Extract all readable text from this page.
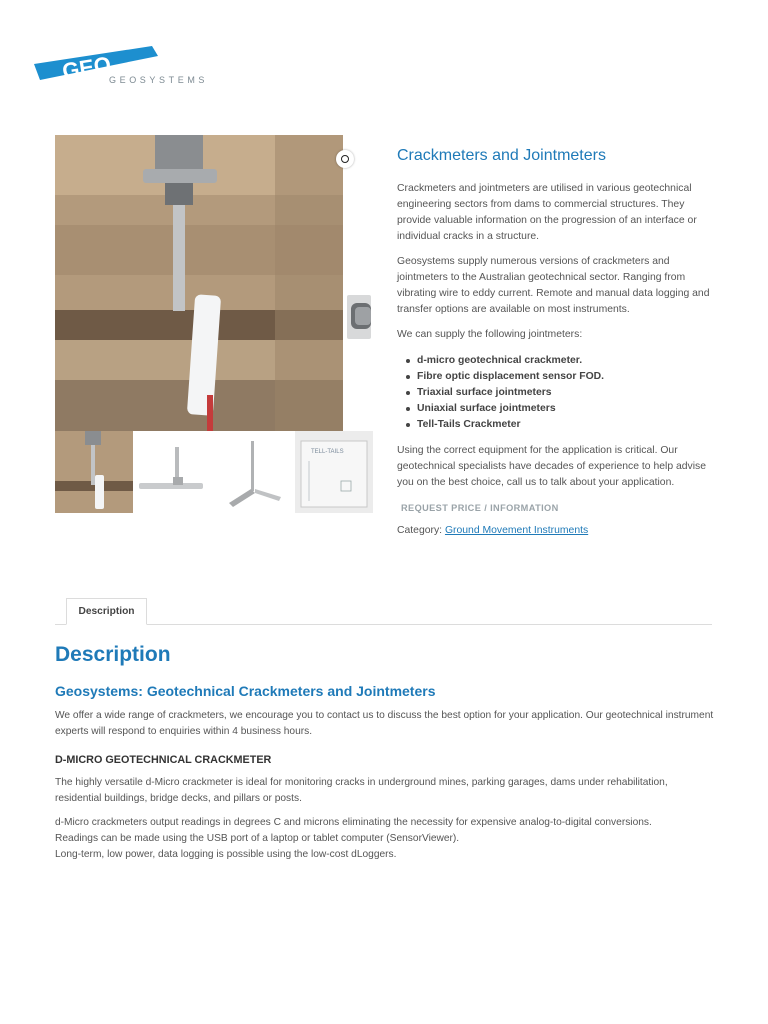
GEO
GEOSYSTEMS
TELL-TAILS
Crackmeters and Jointmeters

Crackmeters and jointmeters are utilised in various geotechnical engineering sectors from dams to commercial structures. They provide valuable information on the progression of an interface or individual cracks in a structure.

Geosystems supply numerous versions of crackmeters and jointmeters to the Australian geotechnical sector. Ranging from vibrating wire to eddy current. Remote and manual data logging and transfer options are available on most instruments.

We can supply the following jointmeters:

d-micro geotechnical crackmeter.
Fibre optic displacement sensor FOD.
Triaxial surface jointmeters
Uniaxial surface jointmeters
Tell-Tails Crackmeter

Using the correct equipment for the application is critical. Our geotechnical specialists have decades of experience to help advise you on the best choice, call us to talk about your application.

REQUEST PRICE / INFORMATION
Category: Ground Movement Instruments
Description
Description
Geosystems: Geotechnical Crackmeters and Jointmeters

We offer a wide range of crackmeters, we encourage you to contact us to discuss the best option for your application. Our geotechnical instrument experts will respond to enquiries within 4 business hours.

D-MICRO GEOTECHNICAL CRACKMETER

The highly versatile d-Micro crackmeter is ideal for monitoring cracks in underground mines, parking garages, dams under rehabilitation, residential buildings, bridge decks, and pillars or posts.

d-Micro crackmeters output readings in degrees C and microns eliminating the necessity for expensive analog-to-digital conversions.
Readings can be made using the USB port of a laptop or tablet computer (SensorViewer).
Long-term, low power, data logging is possible using the low-cost dLoggers.
